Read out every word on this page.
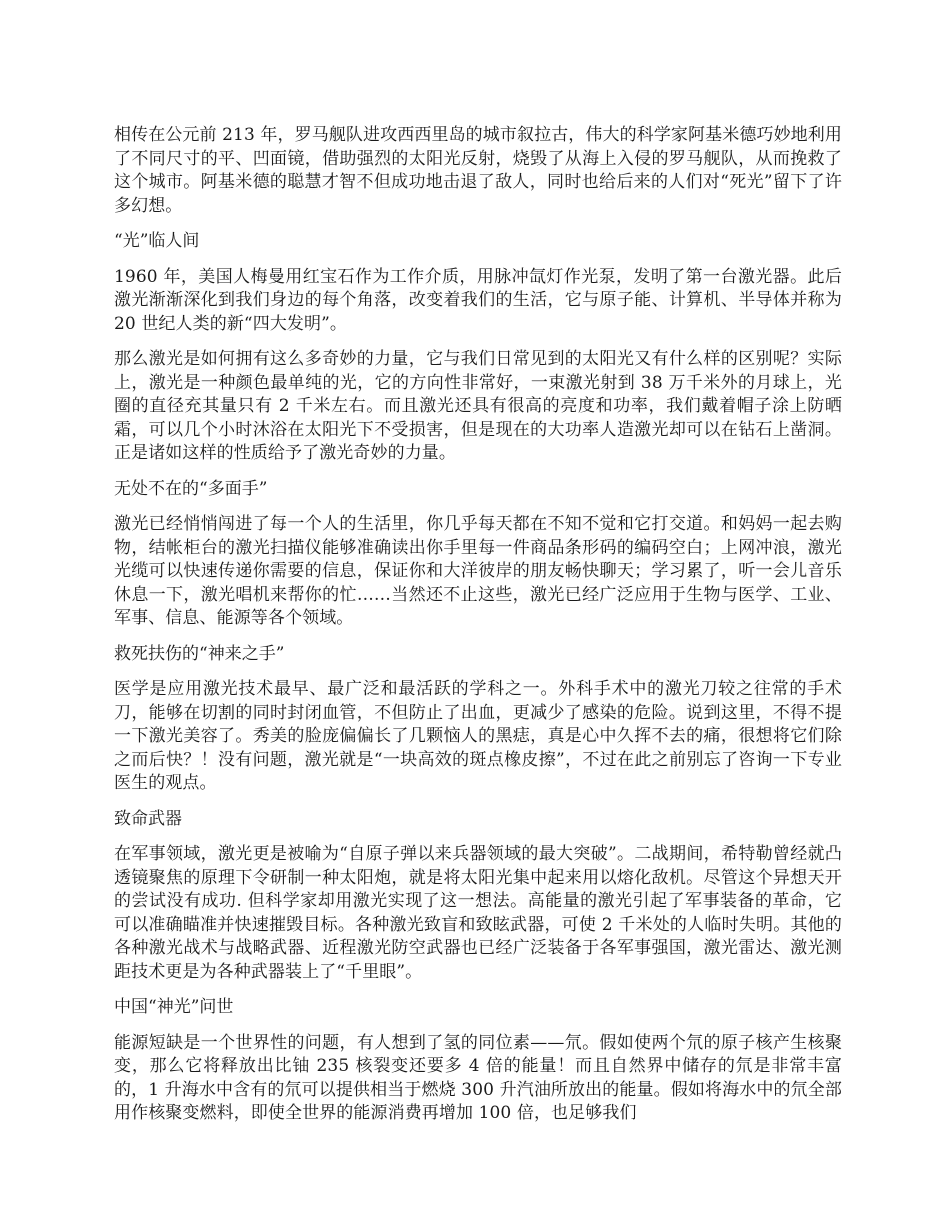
相传在公元前 213 年，罗马舰队进攻西西里岛的城市叙拉古，伟大的科学家阿基米德巧妙地利用了不同尺寸的平、凹面镜，借助强烈的太阳光反射，烧毁了从海上入侵的罗马舰队，从而挽救了这个城市。阿基米德的聪慧才智不但成功地击退了敌人，同时也给后来的人们对“死光”留下了许多幻想。

“光”临人间

1960 年，美国人梅曼用红宝石作为工作介质，用脉冲氙灯作光泵，发明了第一台激光器。此后激光渐渐深化到我们身边的每个角落，改变着我们的生活，它与原子能、计算机、半导体并称为 20 世纪人类的新“四大发明”。

那么激光是如何拥有这么多奇妙的力量，它与我们日常见到的太阳光又有什么样的区别呢？实际上，激光是一种颜色最单纯的光，它的方向性非常好，一束激光射到 38 万千米外的月球上，光圈的直径充其量只有 2 千米左右。而且激光还具有很高的亮度和功率，我们戴着帽子涂上防晒霜，可以几个小时沐浴在太阳光下不受损害，但是现在的大功率人造激光却可以在钻石上凿洞。正是诸如这样的性质给予了激光奇妙的力量。

无处不在的“多面手”

激光已经悄悄闯进了每一个人的生活里，你几乎每天都在不知不觉和它打交道。和妈妈一起去购物，结帐柜台的激光扫描仪能够准确读出你手里每一件商品条形码的编码空白；上网冲浪，激光光缆可以快速传递你需要的信息，保证你和大洋彼岸的朋友畅快聊天；学习累了，听一会儿音乐休息一下，激光唱机来帮你的忙……当然还不止这些，激光已经广泛应用于生物与医学、工业、军事、信息、能源等各个领域。

救死扶伤的“神来之手”

医学是应用激光技术最早、最广泛和最活跃的学科之一。外科手术中的激光刀较之往常的手术刀，能够在切割的同时封闭血管，不但防止了出血，更减少了感染的危险。说到这里，不得不提一下激光美容了。秀美的脸庞偏偏长了几颗恼人的黑痣，真是心中久挥不去的痛，很想将它们除之而后快？！没有问题，激光就是“一块高效的斑点橡皮擦”，不过在此之前别忘了咨询一下专业医生的观点。

致命武器

在军事领域，激光更是被喻为“自原子弹以来兵器领域的最大突破”。二战期间，希特勒曾经就凸透镜聚焦的原理下令研制一种太阳炮，就是将太阳光集中起来用以熔化敌机。尽管这个异想天开的尝试没有成功. 但科学家却用激光实现了这一想法。高能量的激光引起了军事装备的革命，它可以准确瞄准并快速摧毁目标。各种激光致盲和致眩武器，可使 2 千米处的人临时失明。其他的各种激光战术与战略武器、近程激光防空武器也已经广泛装备于各军事强国，激光雷达、激光测距技术更是为各种武器装上了“千里眼”。

中国“神光”问世

能源短缺是一个世界性的问题，有人想到了氢的同位素——氘。假如使两个氘的原子核产生核聚变，那么它将释放出比铀 235 核裂变还要多 4 倍的能量！而且自然界中储存的氘是非常丰富的，1 升海水中含有的氘可以提供相当于燃烧 300 升汽油所放出的能量。假如将海水中的氘全部用作核聚变燃料，即使全世界的能源消费再增加 100 倍，也足够我们
